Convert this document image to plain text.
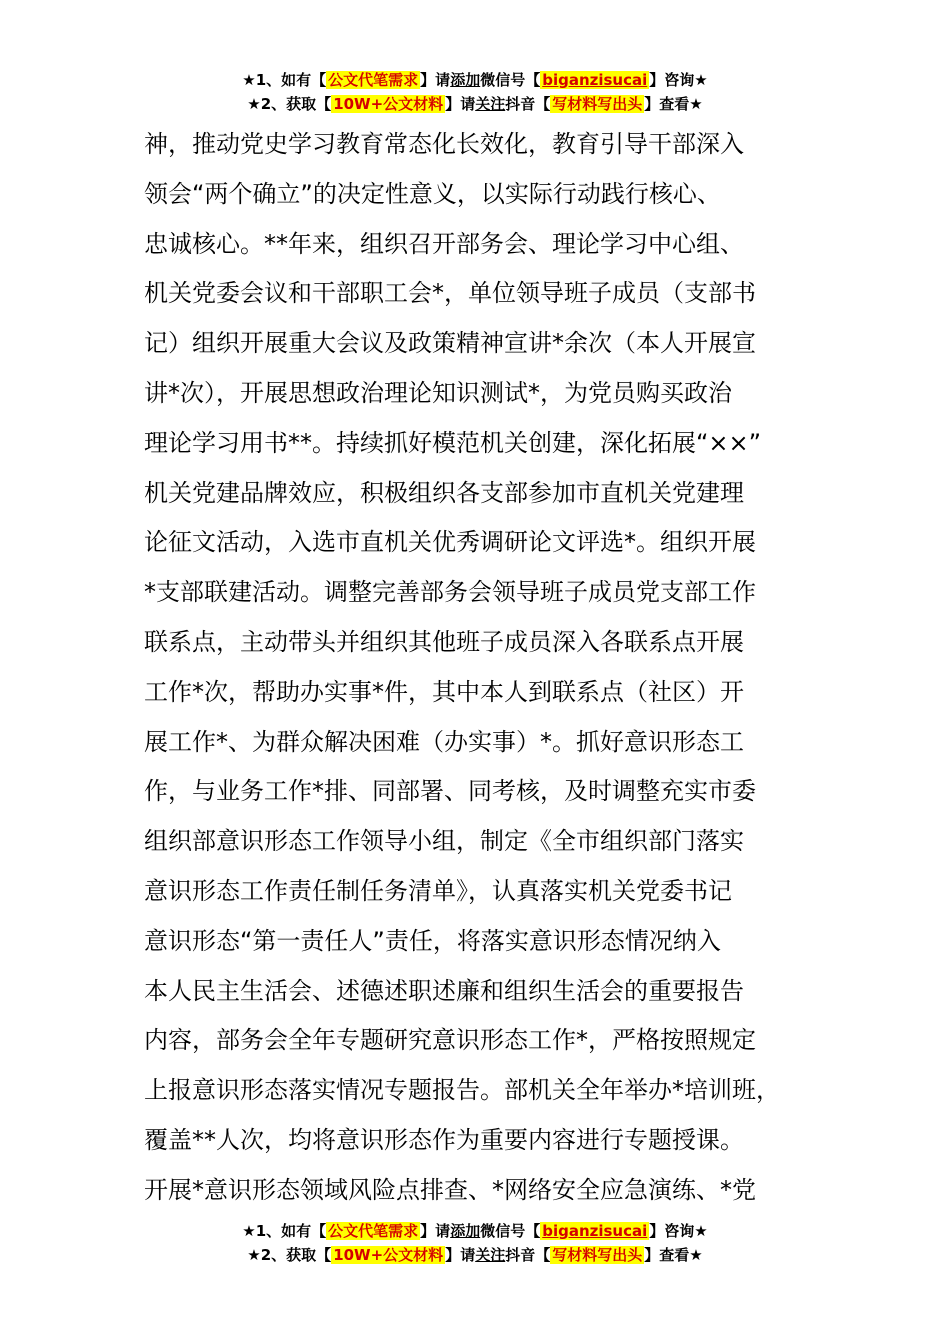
★1、如有【 公文代笔需求 】请添加微信号【 biganzisucai 】咨询★
★2、获取【 10W+公文材料 】请关注抖音【 写材料写出头 】查看★
神，推动党史学习教育常态化长效化，教育引导干部深入
领会“两个确立”的决定性意义，以实际行动践行核心、
忠诚核心。**年来，组织召开部务会、理论学习中心组、
机关党委会议和干部职工会*，单位领导班子成员（支部书
记）组织开展重大会议及政策精神宣讲*余次（本人开展宣
讲*次），开展思想政治理论知识测试*，为党员购买政治
理论学习用书**。持续抓好模范机关创建，深化拓展“××”
机关党建品牌效应，积极组织各支部参加市直机关党建理
论征文活动，入选市直机关优秀调研论文评选*。组织开展
*支部联建活动。调整完善部务会领导班子成员党支部工作
联系点，主动带头并组织其他班子成员深入各联系点开展
工作*次，帮助办实事*件，其中本人到联系点（社区）开
展工作*、为群众解决困难（办实事）*。抓好意识形态工
作，与业务工作*排、同部署、同考核，及时调整充实市委
组织部意识形态工作领导小组，制定《全市组织部门落实
意识形态工作责任制任务清单》，认真落实机关党委书记
意识形态“第一责任人”责任，将落实意识形态情况纳入
本人民主生活会、述德述职述廉和组织生活会的重要报告
内容，部务会全年专题研究意识形态工作*，严格按照规定
上报意识形态落实情况专题报告。部机关全年举办*培训班，
覆盖**人次，均将意识形态作为重要内容进行专题授课。
开展*意识形态领域风险点排查、*网络安全应急演练、*党
★1、如有【 公文代笔需求 】请添加微信号【 biganzisucai 】咨询★
★2、获取【 10W+公文材料 】请关注抖音【 写材料写出头 】查看★
